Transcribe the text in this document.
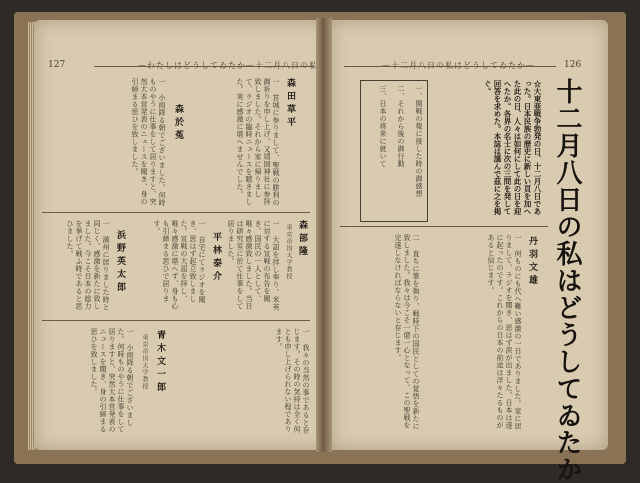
127
森田草平
一 宮城に参りまして、聖戦の勝利の御祈りを申し上げ、又靖国神社に参拝致しました。それから家に帰りまして、ラジオの臨時ニュースを聴きました。実に感激に堪へませんでした。
森於菟
一 小雨降る朝でございました。何時ものやうに仕事をして居りますと、突然大本営発表のニュースを聞き、身の引締まる思ひを致しました。
森部隆
東京帝国大学教授
一 大詔を拝し奉り、米英に対する宣戦の布告を聞き、国民の一人として、唯々感激致しました。当日は研究室に於て仕事をして居りました。
平林泰介
一 自宅にてラジオを聞き、思はず起立致しました。宣戦の大詔を拝し、唯々感激に堪へず、身も心も引締まる思ひで居ります。
浜野英太郎
一 満州に居りました時と同じく、感激を新たに致しました。今こそ日本の総力を挙げて戦ふ時であると思ひました。
一 我々の当然の事であると存じます。その時の気持は全く何とも申し上げられない程であります。
青木文一郎
東京帝国大学教授
一 小雨降る朝でございました。何時ものやうに仕事をして居りますと、突然大本営発表のニュースを聞き、身の引締まる思ひを致しました。
126
十二月八日の私はどうしてゐたか
☆大東亜戦争勃発の日、十二月八日であった。日本民族の歴史に新しい頁を加へた此の日、人々は如何にして此の日を迎へたか。各界の名士に次の三問を発して回答を求めた。本誌は謹んで茲に之を掲ぐ。
一、開戦の報に接した時の御感想
二、それから後の御行動
三、日本の将来に就いて
丹羽文雄
一 何ものにも代へ難い感激の一日でありました。家に居りまして、ラジオを聞き、思はず涙が出ました。日本は遂に起ったのです。これからの日本の前途は洋々たるものがあると信じます。
二 直ちに筆を執り、戦時下の国民としての覚悟を新たに致しました。我々は今こそ一億一心となって、この聖戦を完遂しなければならないと存じます。
